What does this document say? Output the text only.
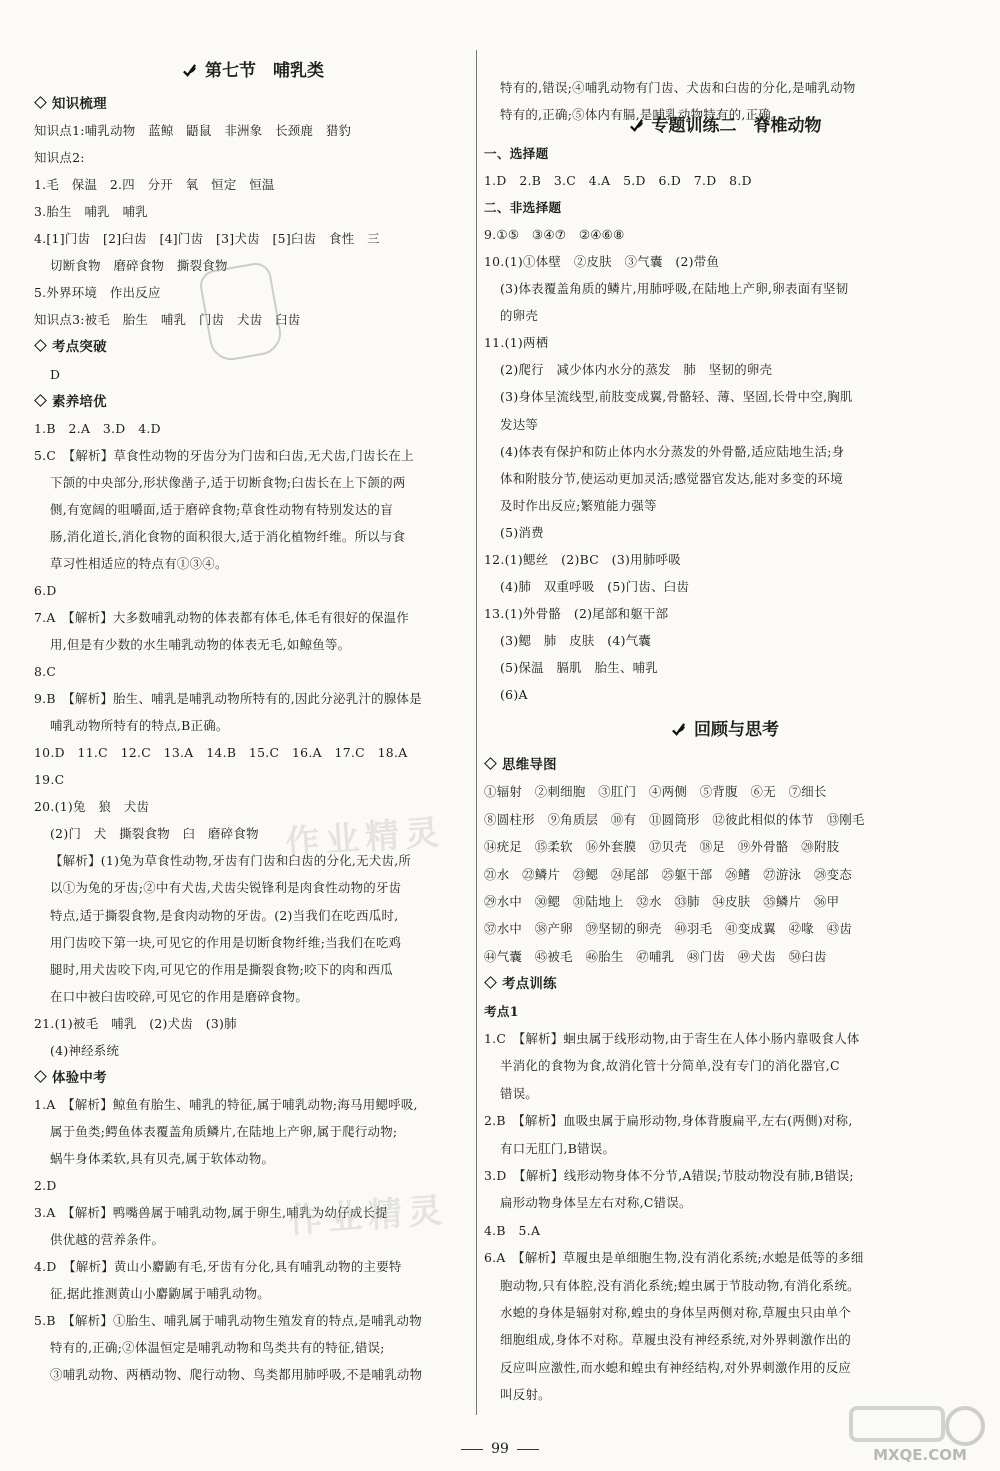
第七节　哺乳类
知识梳理
知识点1:哺乳动物　蓝鲸　鼯鼠　非洲象　长颈鹿　猎豹
知识点2:
1.毛　保温　2.四　分开　氧　恒定　恒温
3.胎生　哺乳　哺乳
4.[1]门齿　[2]臼齿　[4]门齿　[3]犬齿　[5]臼齿　食性　三
切断食物　磨碎食物　撕裂食物
5.外界环境　作出反应
知识点3:被毛　胎生　哺乳　门齿　犬齿　臼齿
考点突破
D
素养培优
1.B　2.A　3.D　4.D
5.C　【解析】草食性动物的牙齿分为门齿和臼齿,无犬齿,门齿长在上
下颌的中央部分,形状像凿子,适于切断食物;臼齿长在上下颌的两
侧,有宽阔的咀嚼面,适于磨碎食物;草食性动物有特别发达的盲
肠,消化道长,消化食物的面积很大,适于消化植物纤维。所以与食
草习性相适应的特点有①③④。
6.D
7.A　【解析】大多数哺乳动物的体表都有体毛,体毛有很好的保温作
用,但是有少数的水生哺乳动物的体表无毛,如鲸鱼等。
8.C
9.B　【解析】胎生、哺乳是哺乳动物所特有的,因此分泌乳汁的腺体是
哺乳动物所特有的特点,B正确。
10.D　11.C　12.C　13.A　14.B　15.C　16.A　17.C　18.A
19.C
20.(1)兔　狼　犬齿
(2)门　犬　撕裂食物　臼　磨碎食物
【解析】(1)兔为草食性动物,牙齿有门齿和臼齿的分化,无犬齿,所
以①为兔的牙齿;②中有犬齿,犬齿尖锐锋利是肉食性动物的牙齿
特点,适于撕裂食物,是食肉动物的牙齿。(2)当我们在吃西瓜时,
用门齿咬下第一块,可见它的作用是切断食物纤维;当我们在吃鸡
腿时,用犬齿咬下肉,可见它的作用是撕裂食物;咬下的肉和西瓜
在口中被臼齿咬碎,可见它的作用是磨碎食物。
21.(1)被毛　哺乳　(2)犬齿　(3)肺
(4)神经系统
体验中考
1.A　【解析】鲸鱼有胎生、哺乳的特征,属于哺乳动物;海马用鳃呼吸,
属于鱼类;鳄鱼体表覆盖角质鳞片,在陆地上产卵,属于爬行动物;
蜗牛身体柔软,具有贝壳,属于软体动物。
2.D
3.A　【解析】鸭嘴兽属于哺乳动物,属于卵生,哺乳为幼仔成长提
供优越的营养条件。
4.D　【解析】黄山小麝鼩有毛,牙齿有分化,具有哺乳动物的主要特
征,据此推测黄山小麝鼩属于哺乳动物。
5.B　【解析】①胎生、哺乳属于哺乳动物生殖发育的特点,是哺乳动物
特有的,正确;②体温恒定是哺乳动物和鸟类共有的特征,错误;
③哺乳动物、两栖动物、爬行动物、鸟类都用肺呼吸,不是哺乳动物
特有的,错误;④哺乳动物有门齿、犬齿和臼齿的分化,是哺乳动物
特有的,正确;⑤体内有膈,是哺乳动物特有的,正确。
专题训练二　脊椎动物
一、选择题
1.D　2.B　3.C　4.A　5.D　6.D　7.D　8.D
二、非选择题
9.①⑤　③④⑦　②④⑥⑧
10.(1)①体壁　②皮肤　③气囊　(2)带鱼
(3)体表覆盖角质的鳞片,用肺呼吸,在陆地上产卵,卵表面有坚韧
的卵壳
11.(1)两栖
(2)爬行　减少体内水分的蒸发　肺　坚韧的卵壳
(3)身体呈流线型,前肢变成翼,骨骼轻、薄、坚固,长骨中空,胸肌
发达等
(4)体表有保护和防止体内水分蒸发的外骨骼,适应陆地生活;身
体和附肢分节,使运动更加灵活;感觉器官发达,能对多变的环境
及时作出反应;繁殖能力强等
(5)消费
12.(1)鳃丝　(2)BC　(3)用肺呼吸
(4)肺　双重呼吸　(5)门齿、臼齿
13.(1)外骨骼　(2)尾部和躯干部
(3)鳃　肺　皮肤　(4)气囊
(5)保温　膈肌　胎生、哺乳
(6)A
回顾与思考
思维导图
①辐射　②刺细胞　③肛门　④两侧　⑤背腹　⑥无　⑦细长
⑧圆柱形　⑨角质层　⑩有　⑪圆筒形　⑫彼此相似的体节　⑬刚毛
⑭疣足　⑮柔软　⑯外套膜　⑰贝壳　⑱足　⑲外骨骼　⑳附肢
㉑水　㉒鳞片　㉓鳃　㉔尾部　㉕躯干部　㉖鳍　㉗游泳　㉘变态
㉙水中　㉚鳃　㉛陆地上　㉜水　㉝肺　㉞皮肤　㉟鳞片　㊱甲
㊲水中　㊳产卵　㊴坚韧的卵壳　㊵羽毛　㊶变成翼　㊷喙　㊸齿
㊹气囊　㊺被毛　㊻胎生　㊼哺乳　㊽门齿　㊾犬齿　㊿臼齿
考点训练
考点1
1.C　【解析】蛔虫属于线形动物,由于寄生在人体小肠内靠吸食人体
半消化的食物为食,故消化管十分简单,没有专门的消化器官,C
错误。
2.B　【解析】血吸虫属于扁形动物,身体背腹扁平,左右(两侧)对称,
有口无肛门,B错误。
3.D　【解析】线形动物身体不分节,A错误;节肢动物没有肺,B错误;
扁形动物身体呈左右对称,C错误。
4.B　5.A
6.A　【解析】草履虫是单细胞生物,没有消化系统;水螅是低等的多细
胞动物,只有体腔,没有消化系统;蝗虫属于节肢动物,有消化系统。
水螅的身体是辐射对称,蝗虫的身体呈两侧对称,草履虫只由单个
细胞组成,身体不对称。草履虫没有神经系统,对外界刺激作出的
反应叫应激性,而水螅和蝗虫有神经结构,对外界刺激作用的反应
叫反射。
作业精灵
作业精灵
99	MXQE.COM
